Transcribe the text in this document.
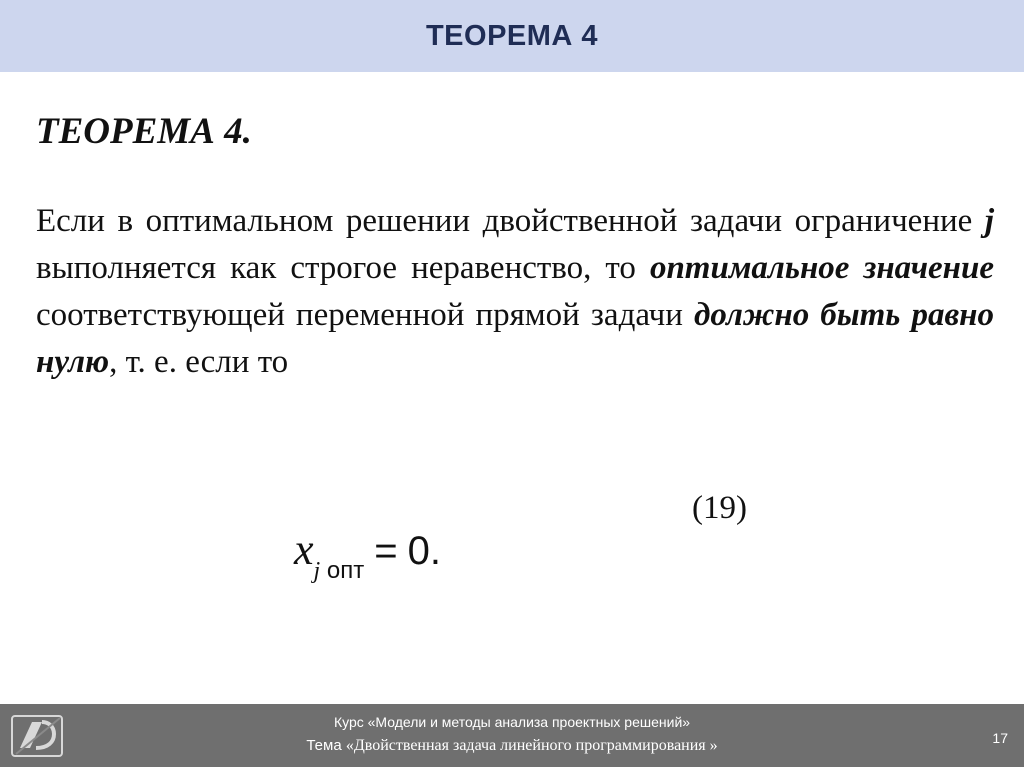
ТЕОРЕМА 4

ТЕОРЕМА 4.

Если в оптимальном решении двойственной задачи ограничение j выполняется как строгое неравенство, то оптимальное значение соответствующей переменной прямой задачи должно быть равно нулю, т. е. если то

(19)
$x_{j опт} = 0$.
Курс «Модели и методы анализа проектных решений»
Тема «Двойственная задача линейного программирования »	17
